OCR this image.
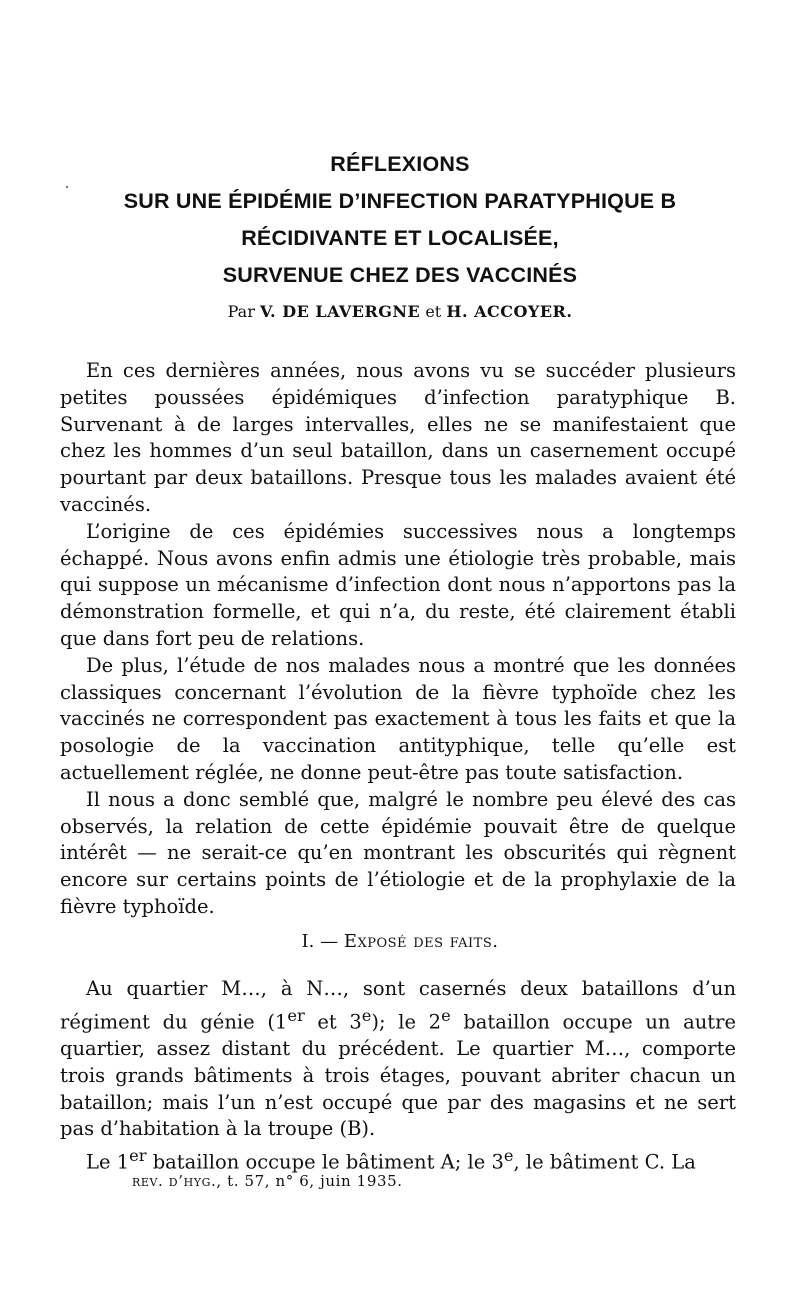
RÉFLEXIONS
SUR UNE ÉPIDÉMIE D’INFECTION PARATYPHIQUE B
RÉCIDIVANTE ET LOCALISÉE,
SURVENUE CHEZ DES VACCINÉS
Par V. DE LAVERGNE et H. ACCOYER.

En ces dernières années, nous avons vu se succéder plusieurs petites poussées épidémiques d’infection paratyphique B. Survenant à de larges intervalles, elles ne se manifestaient que chez les hommes d’un seul bataillon, dans un casernement occupé pourtant par deux bataillons. Presque tous les malades avaient été vaccinés.

L’origine de ces épidémies successives nous a longtemps échappé. Nous avons enfin admis une étiologie très probable, mais qui suppose un mécanisme d’infection dont nous n’apportons pas la démonstration formelle, et qui n’a, du reste, été clairement établi que dans fort peu de relations.

De plus, l’étude de nos malades nous a montré que les données classiques concernant l’évolution de la fièvre typhoïde chez les vaccinés ne correspondent pas exactement à tous les faits et que la posologie de la vaccination antityphique, telle qu’elle est actuellement réglée, ne donne peut-être pas toute satisfaction.

Il nous a donc semblé que, malgré le nombre peu élevé des cas observés, la relation de cette épidémie pouvait être de quelque intérêt — ne serait-ce qu’en montrant les obscurités qui règnent encore sur certains points de l’étiologie et de la prophylaxie de la fièvre typhoïde.

I. — Exposé des faits.

Au quartier M…, à N…, sont casernés deux bataillons d’un régiment du génie (1er et 3e); le 2e bataillon occupe un autre quartier, assez distant du précédent. Le quartier M…, comporte trois grands bâtiments à trois étages, pouvant abriter chacun un bataillon; mais l’un n’est occupé que par des magasins et ne sert pas d’habitation à la troupe (B).

Le 1er bataillon occupe le bâtiment A; le 3e, le bâtiment C. La

rev. d’hyg., t. 57, n° 6, juin 1935.
